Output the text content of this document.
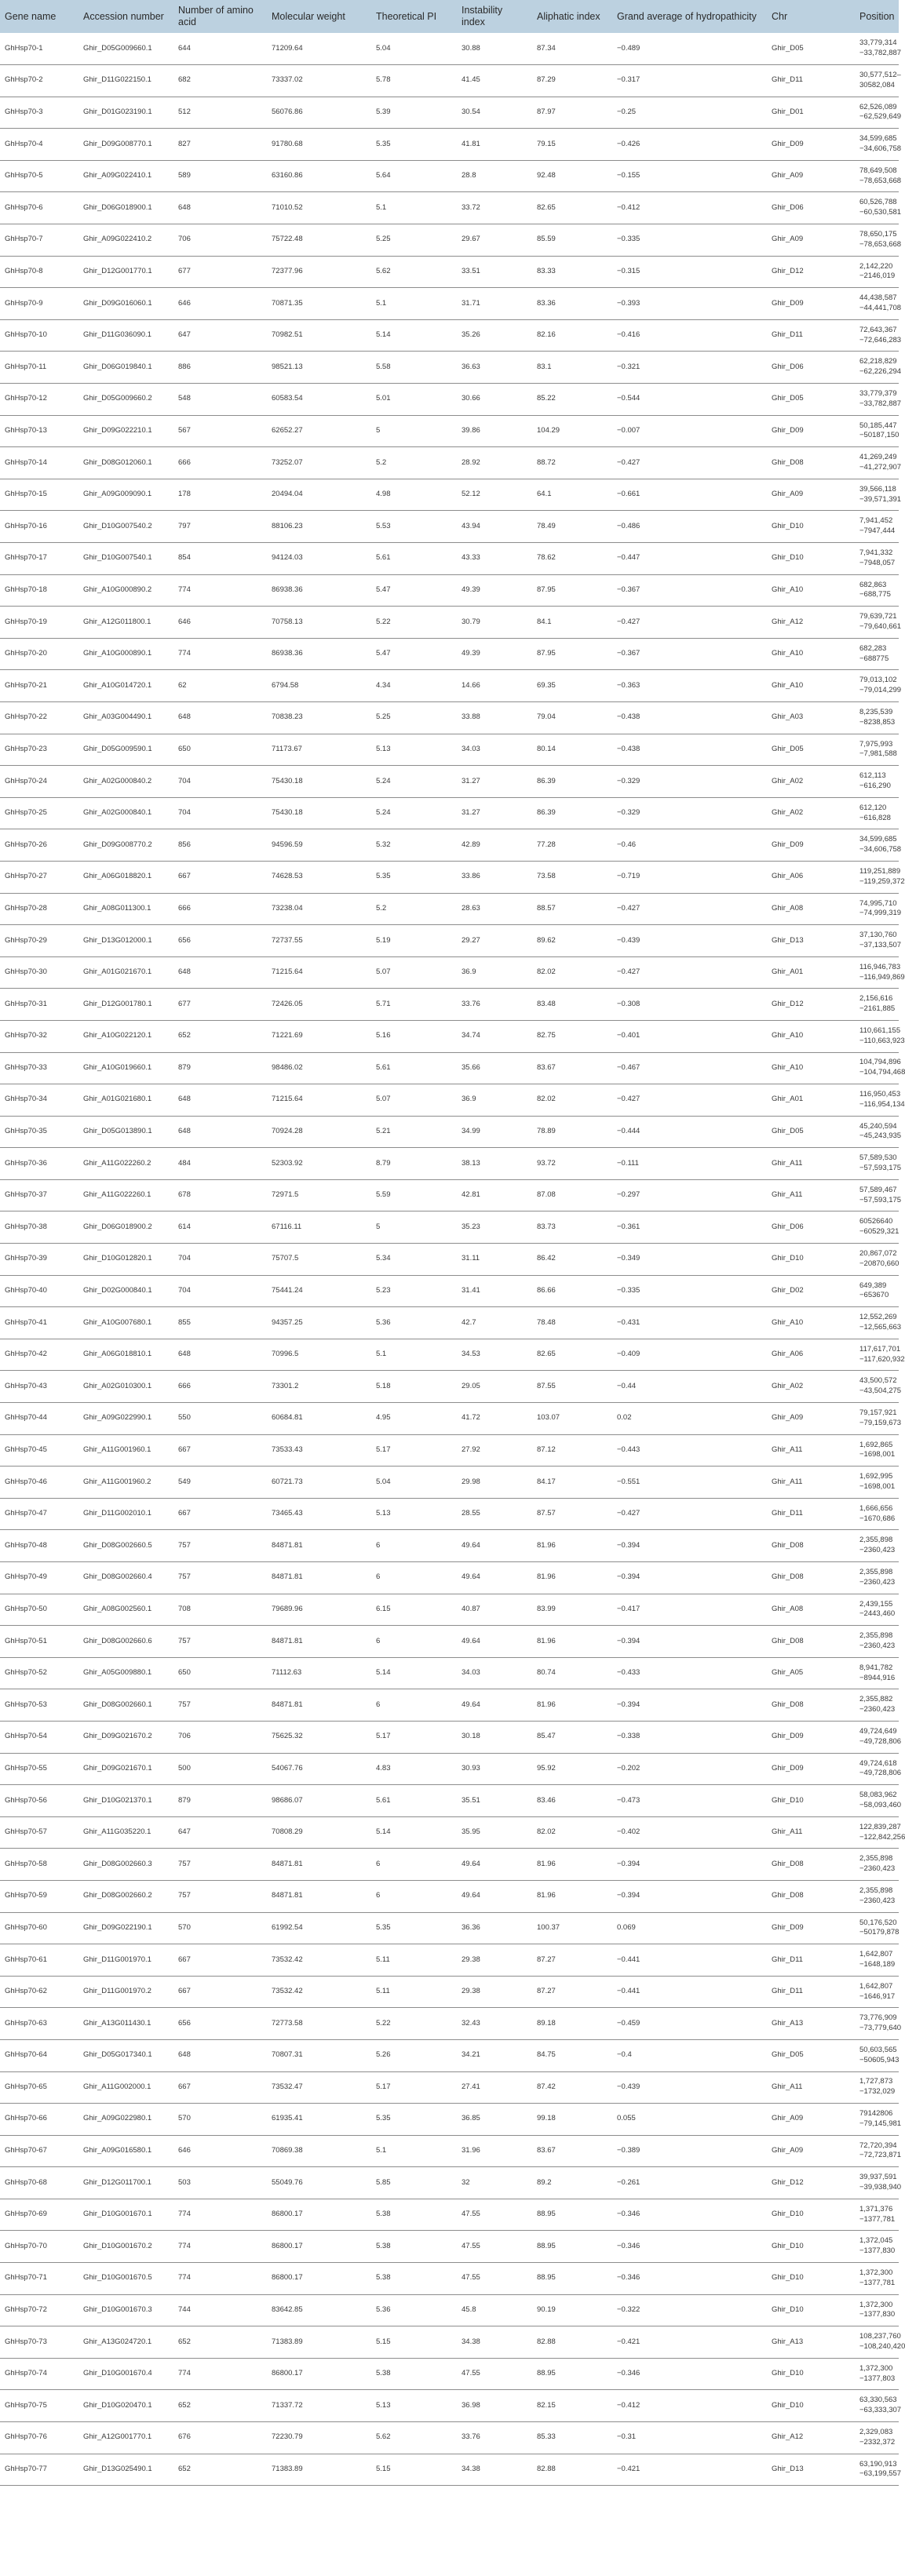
Gene name	Accession number	Number of amino acid	Molecular weight	Theoretical PI	Instability index	Aliphatic index	Grand average of hydropathicity	Chr	Position
GhHsp70-1	Ghir_D05G009660.1	644	71209.64	5.04	30.88	87.34	−0.489	Ghir_D05	33,779,314
−33,782,887
GhHsp70-2	Ghir_D11G022150.1	682	73337.02	5.78	41.45	87.29	−0.317	Ghir_D11	30,577,512–
30582,084
GhHsp70-3	Ghir_D01G023190.1	512	56076.86	5.39	30.54	87.97	−0.25	Ghir_D01	62,526,089
−62,529,649
GhHsp70-4	Ghir_D09G008770.1	827	91780.68	5.35	41.81	79.15	−0.426	Ghir_D09	34,599,685
−34,606,758
GhHsp70-5	Ghir_A09G022410.1	589	63160.86	5.64	28.8	92.48	−0.155	Ghir_A09	78,649,508
−78,653,668
GhHsp70-6	Ghir_D06G018900.1	648	71010.52	5.1	33.72	82.65	−0.412	Ghir_D06	60,526,788
−60,530,581
GhHsp70-7	Ghir_A09G022410.2	706	75722.48	5.25	29.67	85.59	−0.335	Ghir_A09	78,650,175
−78,653,668
GhHsp70-8	Ghir_D12G001770.1	677	72377.96	5.62	33.51	83.33	−0.315	Ghir_D12	2,142,220
−2146,019
GhHsp70-9	Ghir_D09G016060.1	646	70871.35	5.1	31.71	83.36	−0.393	Ghir_D09	44,438,587
−44,441,708
GhHsp70-10	Ghir_D11G036090.1	647	70982.51	5.14	35.26	82.16	−0.416	Ghir_D11	72,643,367
−72,646,283
GhHsp70-11	Ghir_D06G019840.1	886	98521.13	5.58	36.63	83.1	−0.321	Ghir_D06	62,218,829
−62,226,294
GhHsp70-12	Ghir_D05G009660.2	548	60583.54	5.01	30.66	85.22	−0.544	Ghir_D05	33,779,379
−33,782,887
GhHsp70-13	Ghir_D09G022210.1	567	62652.27	5	39.86	104.29	−0.007	Ghir_D09	50,185,447
−50187,150
GhHsp70-14	Ghir_D08G012060.1	666	73252.07	5.2	28.92	88.72	−0.427	Ghir_D08	41,269,249
−41,272,907
GhHsp70-15	Ghir_A09G009090.1	178	20494.04	4.98	52.12	64.1	−0.661	Ghir_A09	39,566,118
−39,571,391
GhHsp70-16	Ghir_D10G007540.2	797	88106.23	5.53	43.94	78.49	−0.486	Ghir_D10	7,941,452
−7947,444
GhHsp70-17	Ghir_D10G007540.1	854	94124.03	5.61	43.33	78.62	−0.447	Ghir_D10	7,941,332
−7948,057
GhHsp70-18	Ghir_A10G000890.2	774	86938.36	5.47	49.39	87.95	−0.367	Ghir_A10	682,863
−688,775
GhHsp70-19	Ghir_A12G011800.1	646	70758.13	5.22	30.79	84.1	−0.427	Ghir_A12	79,639,721
−79,640,661
GhHsp70-20	Ghir_A10G000890.1	774	86938.36	5.47	49.39	87.95	−0.367	Ghir_A10	682,283
−688775
GhHsp70-21	Ghir_A10G014720.1	62	6794.58	4.34	14.66	69.35	−0.363	Ghir_A10	79,013,102
−79,014,299
GhHsp70-22	Ghir_A03G004490.1	648	70838.23	5.25	33.88	79.04	−0.438	Ghir_A03	8,235,539
−8238,853
GhHsp70-23	Ghir_D05G009590.1	650	71173.67	5.13	34.03	80.14	−0.438	Ghir_D05	7,975,993
−7,981,588
GhHsp70-24	Ghir_A02G000840.2	704	75430.18	5.24	31.27	86.39	−0.329	Ghir_A02	612,113
−616,290
GhHsp70-25	Ghir_A02G000840.1	704	75430.18	5.24	31.27	86.39	−0.329	Ghir_A02	612,120
−616,828
GhHsp70-26	Ghir_D09G008770.2	856	94596.59	5.32	42.89	77.28	−0.46	Ghir_D09	34,599,685
−34,606,758
GhHsp70-27	Ghir_A06G018820.1	667	74628.53	5.35	33.86	73.58	−0.719	Ghir_A06	119,251,889
−119,259,372
GhHsp70-28	Ghir_A08G011300.1	666	73238.04	5.2	28.63	88.57	−0.427	Ghir_A08	74,995,710
−74,999,319
GhHsp70-29	Ghir_D13G012000.1	656	72737.55	5.19	29.27	89.62	−0.439	Ghir_D13	37,130,760
−37,133,507
GhHsp70-30	Ghir_A01G021670.1	648	71215.64	5.07	36.9	82.02	−0.427	Ghir_A01	116,946,783
−116,949,869
GhHsp70-31	Ghir_D12G001780.1	677	72426.05	5.71	33.76	83.48	−0.308	Ghir_D12	2,156,616
−2161,885
GhHsp70-32	Ghir_A10G022120.1	652	71221.69	5.16	34.74	82.75	−0.401	Ghir_A10	110,661,155
−110,663,923
GhHsp70-33	Ghir_A10G019660.1	879	98486.02	5.61	35.66	83.67	−0.467	Ghir_A10	104,794,896
−104,794,468
GhHsp70-34	Ghir_A01G021680.1	648	71215.64	5.07	36.9	82.02	−0.427	Ghir_A01	116,950,453
−116,954,134
GhHsp70-35	Ghir_D05G013890.1	648	70924.28	5.21	34.99	78.89	−0.444	Ghir_D05	45,240,594
−45,243,935
GhHsp70-36	Ghir_A11G022260.2	484	52303.92	8.79	38.13	93.72	−0.111	Ghir_A11	57,589,530
−57,593,175
GhHsp70-37	Ghir_A11G022260.1	678	72971.5	5.59	42.81	87.08	−0.297	Ghir_A11	57,589,467
−57,593,175
GhHsp70-38	Ghir_D06G018900.2	614	67116.11	5	35.23	83.73	−0.361	Ghir_D06	60526640
−60529,321
GhHsp70-39	Ghir_D10G012820.1	704	75707.5	5.34	31.11	86.42	−0.349	Ghir_D10	20,867,072
−20870,660
GhHsp70-40	Ghir_D02G000840.1	704	75441.24	5.23	31.41	86.66	−0.335	Ghir_D02	649,389
−653670
GhHsp70-41	Ghir_A10G007680.1	855	94357.25	5.36	42.7	78.48	−0.431	Ghir_A10	12,552,269
−12,565,663
GhHsp70-42	Ghir_A06G018810.1	648	70996.5	5.1	34.53	82.65	−0.409	Ghir_A06	117,617,701
−117,620,932
GhHsp70-43	Ghir_A02G010300.1	666	73301.2	5.18	29.05	87.55	−0.44	Ghir_A02	43,500,572
−43,504,275
GhHsp70-44	Ghir_A09G022990.1	550	60684.81	4.95	41.72	103.07	0.02	Ghir_A09	79,157,921
−79,159,673
GhHsp70-45	Ghir_A11G001960.1	667	73533.43	5.17	27.92	87.12	−0.443	Ghir_A11	1,692,865
−1698,001
GhHsp70-46	Ghir_A11G001960.2	549	60721.73	5.04	29.98	84.17	−0.551	Ghir_A11	1,692,995
−1698,001
GhHsp70-47	Ghir_D11G002010.1	667	73465.43	5.13	28.55	87.57	−0.427	Ghir_D11	1,666,656
−1670,686
GhHsp70-48	Ghir_D08G002660.5	757	84871.81	6	49.64	81.96	−0.394	Ghir_D08	2,355,898
−2360,423
GhHsp70-49	Ghir_D08G002660.4	757	84871.81	6	49.64	81.96	−0.394	Ghir_D08	2,355,898
−2360,423
GhHsp70-50	Ghir_A08G002560.1	708	79689.96	6.15	40.87	83.99	−0.417	Ghir_A08	2,439,155
−2443,460
GhHsp70-51	Ghir_D08G002660.6	757	84871.81	6	49.64	81.96	−0.394	Ghir_D08	2,355,898
−2360,423
GhHsp70-52	Ghir_A05G009880.1	650	71112.63	5.14	34.03	80.74	−0.433	Ghir_A05	8,941,782
−8944,916
GhHsp70-53	Ghir_D08G002660.1	757	84871.81	6	49.64	81.96	−0.394	Ghir_D08	2,355,882
−2360,423
GhHsp70-54	Ghir_D09G021670.2	706	75625.32	5.17	30.18	85.47	−0.338	Ghir_D09	49,724,649
−49,728,806
GhHsp70-55	Ghir_D09G021670.1	500	54067.76	4.83	30.93	95.92	−0.202	Ghir_D09	49,724,618
−49,728,806
GhHsp70-56	Ghir_D10G021370.1	879	98686.07	5.61	35.51	83.46	−0.473	Ghir_D10	58,083,962
−58,093,460
GhHsp70-57	Ghir_A11G035220.1	647	70808.29	5.14	35.95	82.02	−0.402	Ghir_A11	122,839,287
−122,842,256
GhHsp70-58	Ghir_D08G002660.3	757	84871.81	6	49.64	81.96	−0.394	Ghir_D08	2,355,898
−2360,423
GhHsp70-59	Ghir_D08G002660.2	757	84871.81	6	49.64	81.96	−0.394	Ghir_D08	2,355,898
−2360,423
GhHsp70-60	Ghir_D09G022190.1	570	61992.54	5.35	36.36	100.37	0.069	Ghir_D09	50,176,520
−50179,878
GhHsp70-61	Ghir_D11G001970.1	667	73532.42	5.11	29.38	87.27	−0.441	Ghir_D11	1,642,807
−1648,189
GhHsp70-62	Ghir_D11G001970.2	667	73532.42	5.11	29.38	87.27	−0.441	Ghir_D11	1,642,807
−1646,917
GhHsp70-63	Ghir_A13G011430.1	656	72773.58	5.22	32.43	89.18	−0.459	Ghir_A13	73,776,909
−73,779,640
GhHsp70-64	Ghir_D05G017340.1	648	70807.31	5.26	34.21	84.75	−0.4	Ghir_D05	50,603,565
−50605,943
GhHsp70-65	Ghir_A11G002000.1	667	73532.47	5.17	27.41	87.42	−0.439	Ghir_A11	1,727,873
−1732,029
GhHsp70-66	Ghir_A09G022980.1	570	61935.41	5.35	36.85	99.18	0.055	Ghir_A09	79142806
−79,145,981
GhHsp70-67	Ghir_A09G016580.1	646	70869.38	5.1	31.96	83.67	−0.389	Ghir_A09	72,720,394
−72,723,871
GhHsp70-68	Ghir_D12G011700.1	503	55049.76	5.85	32	89.2	−0.261	Ghir_D12	39,937,591
−39,938,940
GhHsp70-69	Ghir_D10G001670.1	774	86800.17	5.38	47.55	88.95	−0.346	Ghir_D10	1,371,376
−1377,781
GhHsp70-70	Ghir_D10G001670.2	774	86800.17	5.38	47.55	88.95	−0.346	Ghir_D10	1,372,045
−1377,830
GhHsp70-71	Ghir_D10G001670.5	774	86800.17	5.38	47.55	88.95	−0.346	Ghir_D10	1,372,300
−1377,781
GhHsp70-72	Ghir_D10G001670.3	744	83642.85	5.36	45.8	90.19	−0.322	Ghir_D10	1,372,300
−1377,830
GhHsp70-73	Ghir_A13G024720.1	652	71383.89	5.15	34.38	82.88	−0.421	Ghir_A13	108,237,760
−108,240,420
GhHsp70-74	Ghir_D10G001670.4	774	86800.17	5.38	47.55	88.95	−0.346	Ghir_D10	1,372,300
−1377,803
GhHsp70-75	Ghir_D10G020470.1	652	71337.72	5.13	36.98	82.15	−0.412	Ghir_D10	63,330,563
−63,333,307
GhHsp70-76	Ghir_A12G001770.1	676	72230.79	5.62	33.76	85.33	−0.31	Ghir_A12	2,329,083
−2332,372
GhHsp70-77	Ghir_D13G025490.1	652	71383.89	5.15	34.38	82.88	−0.421	Ghir_D13	63,190,913
−63,199,557
